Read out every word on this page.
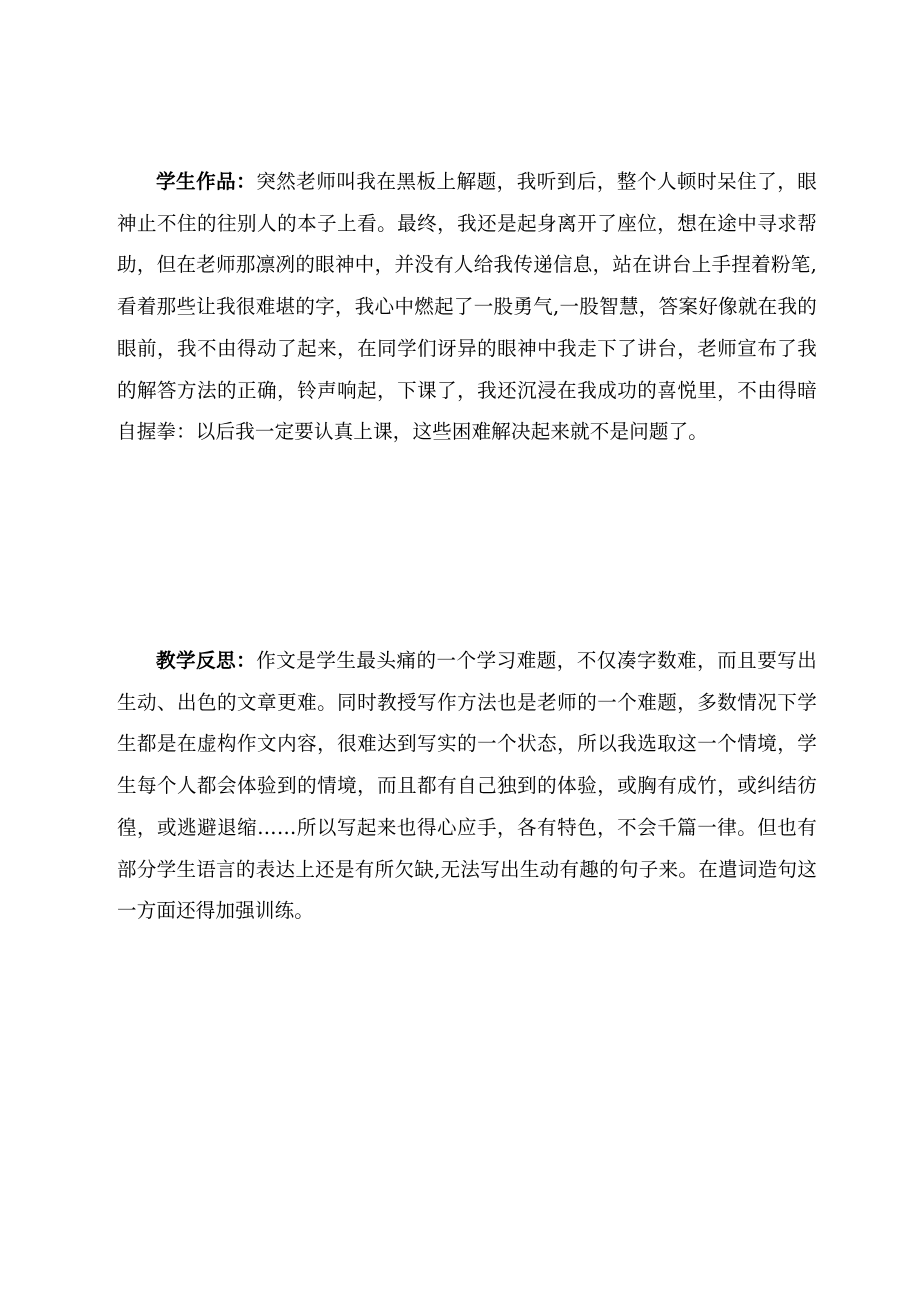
学生作品：突然老师叫我在黑板上解题，我听到后，整个人顿时呆住了，眼神止不住的往别人的本子上看。最终，我还是起身离开了座位，想在途中寻求帮助，但在老师那凛冽的眼神中，并没有人给我传递信息，站在讲台上手捏着粉笔,看着那些让我很难堪的字，我心中燃起了一股勇气,一股智慧，答案好像就在我的眼前，我不由得动了起来，在同学们讶异的眼神中我走下了讲台，老师宣布了我的解答方法的正确，铃声响起，下课了，我还沉浸在我成功的喜悦里，不由得暗自握拳：以后我一定要认真上课，这些困难解决起来就不是问题了。

教学反思：作文是学生最头痛的一个学习难题，不仅凑字数难，而且要写出生动、出色的文章更难。同时教授写作方法也是老师的一个难题，多数情况下学生都是在虚构作文内容，很难达到写实的一个状态，所以我选取这一个情境，学生每个人都会体验到的情境，而且都有自己独到的体验，或胸有成竹，或纠结彷徨，或逃避退缩……所以写起来也得心应手，各有特色，不会千篇一律。但也有部分学生语言的表达上还是有所欠缺,无法写出生动有趣的句子来。在遣词造句这一方面还得加强训练。
